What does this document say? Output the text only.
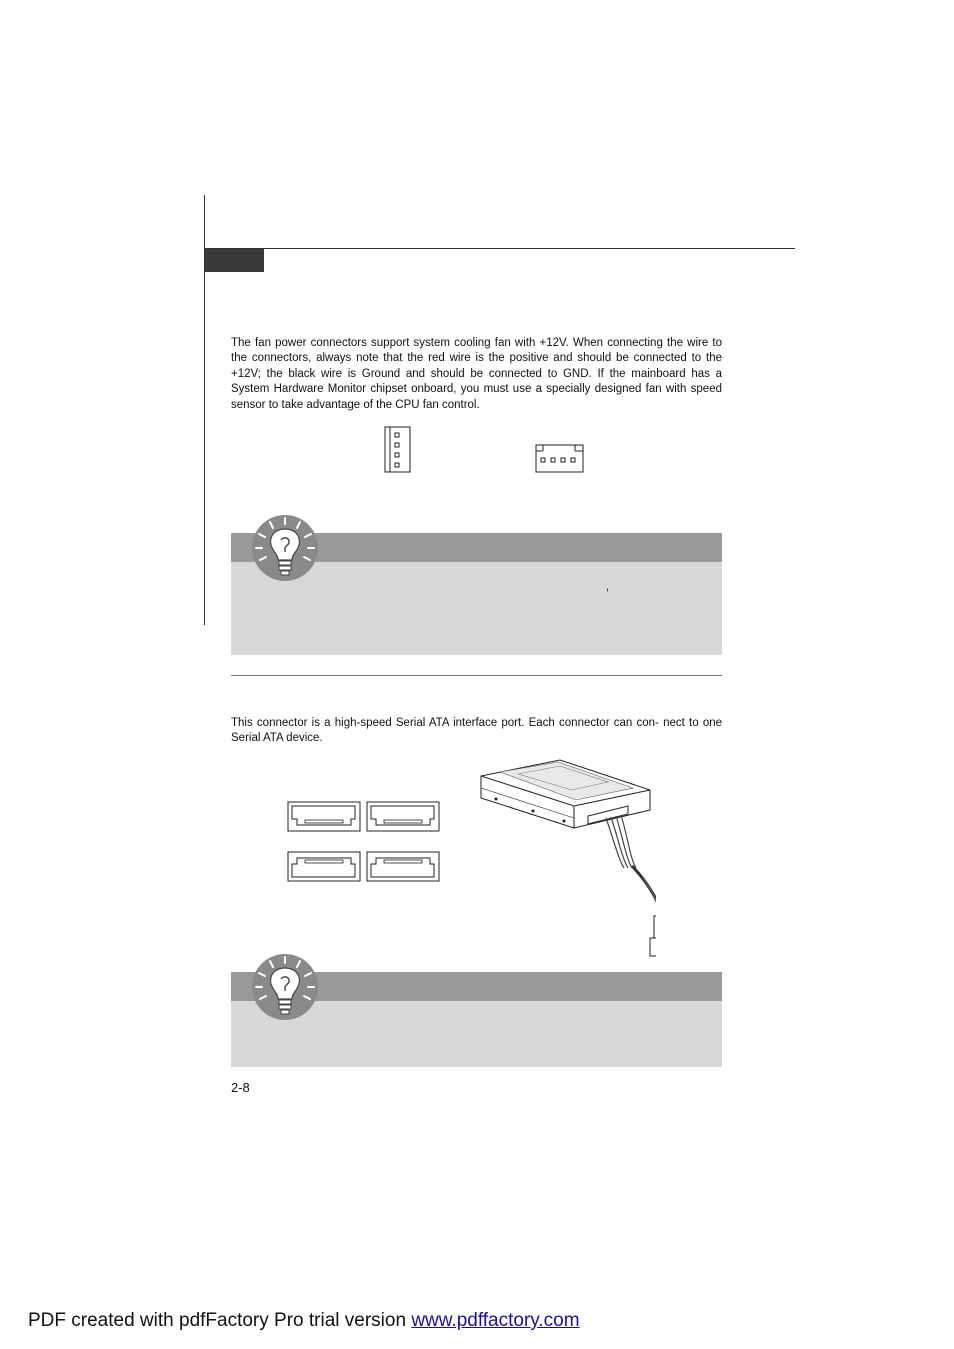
The fan power connectors support system cooling fan with +12V. When connecting the wire to the connectors, always note that the red wire is the positive and should be connected to the +12V; the black wire is Ground and should be connected to GND. If the mainboard has a System Hardware Monitor chipset onboard, you must use a specially designed fan with speed sensor to take advantage of the CPU fan control.

,

This connector is a high-speed Serial ATA interface port. Each connector can con- nect to one Serial ATA device.

2-8
PDF created with pdfFactory Pro trial version www.pdffactory.com
